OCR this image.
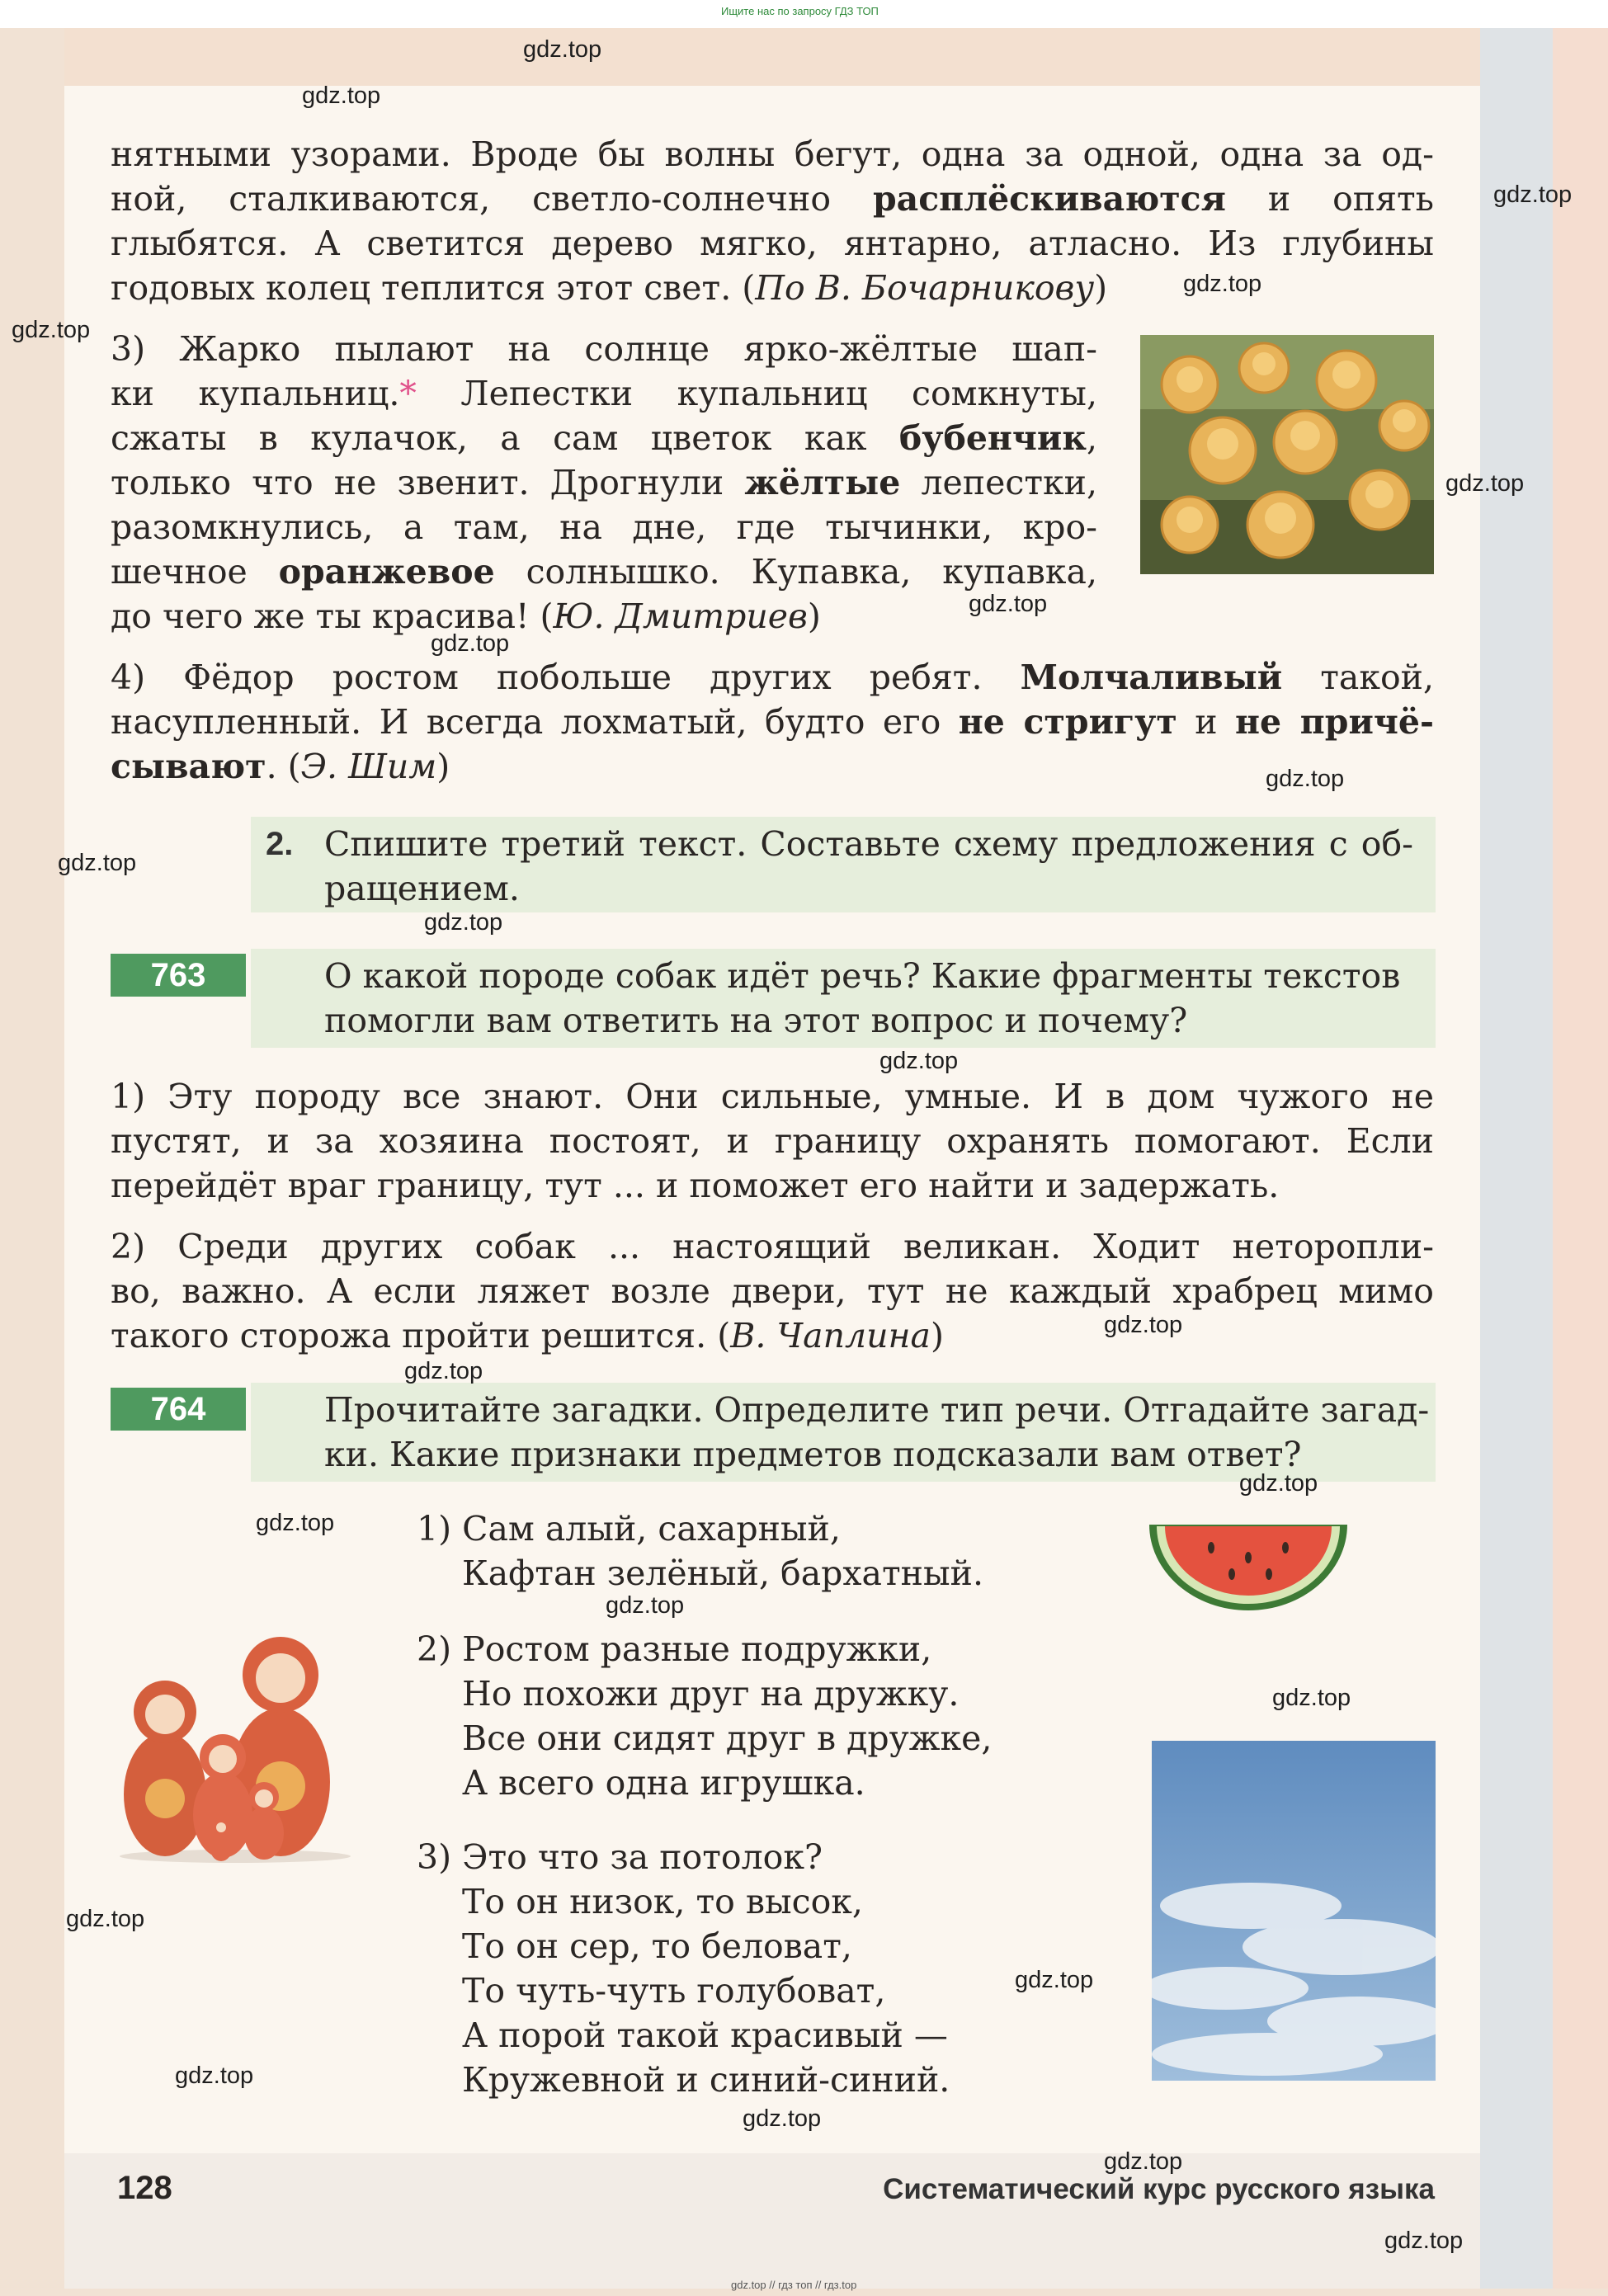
Ищите нас по запросу ГДЗ ТОП
нятными узорами. Вроде бы волны бегут, одна за одной, одна за од-
ной, сталкиваются, светло-солнечно расплёскиваются и опять
глыбятся. А светится дерево мягко, янтарно, атласно. Из глубины
годовых колец теплится этот свет. (По В. Бочарникову)
3) Жарко пылают на солнце ярко-жёлтые шап-
ки купальниц.* Лепестки купальниц сомкнуты,
сжаты в кулачок, а сам цветок как бубенчик,
только что не звенит. Дрогнули жёлтые лепестки,
разомкнулись, а там, на дне, где тычинки, кро-
шечное оранжевое солнышко. Купавка, купавка,
до чего же ты красива! (Ю. Дмитриев)
4) Фёдор ростом побольше других ребят. Молчаливый такой,
насупленный. И всегда лохматый, будто его не стригут и не причё-
сывают. (Э. Шим)
2. Спишите третий текст. Составьте схему предложения с об-
ращением.
763	О какой породе собак идёт речь? Какие фрагменты текстов
помогли вам ответить на этот вопрос и почему?
1) Эту породу все знают. Они сильные, умные. И в дом чужого не
пустят, и за хозяина постоят, и границу охранять помогают. Если
перейдёт враг границу, тут ... и поможет его найти и задержать.
2) Среди других собак ... настоящий великан. Ходит неторопли-
во, важно. А если ляжет возле двери, тут не каждый храбрец мимо
такого сторожа пройти решится. (В. Чаплина)
764	Прочитайте загадки. Определите тип речи. Отгадайте загад-
ки. Какие признаки предметов подсказали вам ответ?
1) Сам алый, сахарный,
Кафтан зелёный, бархатный.
2) Ростом разные подружки,
Но похожи друг на дружку.
Все они сидят друг в дружке,
А всего одна игрушка.
3) Это что за потолок?
То он низок, то высок,
То он сер, то беловат,
То чуть-чуть голубоват,
А порой такой красивый —
Кружевной и синий-синий.
128	Систематический курс русского языка
gdz.top // гдз топ // гдз.top
gdz.top
gdz.top
gdz.top
gdz.top
gdz.top
gdz.top
gdz.top
gdz.top
gdz.top
gdz.top
gdz.top
gdz.top
gdz.top
gdz.top
gdz.top
gdz.top
gdz.top
gdz.top
gdz.top
gdz.top
gdz.top
gdz.top
gdz.top
gdz.top
